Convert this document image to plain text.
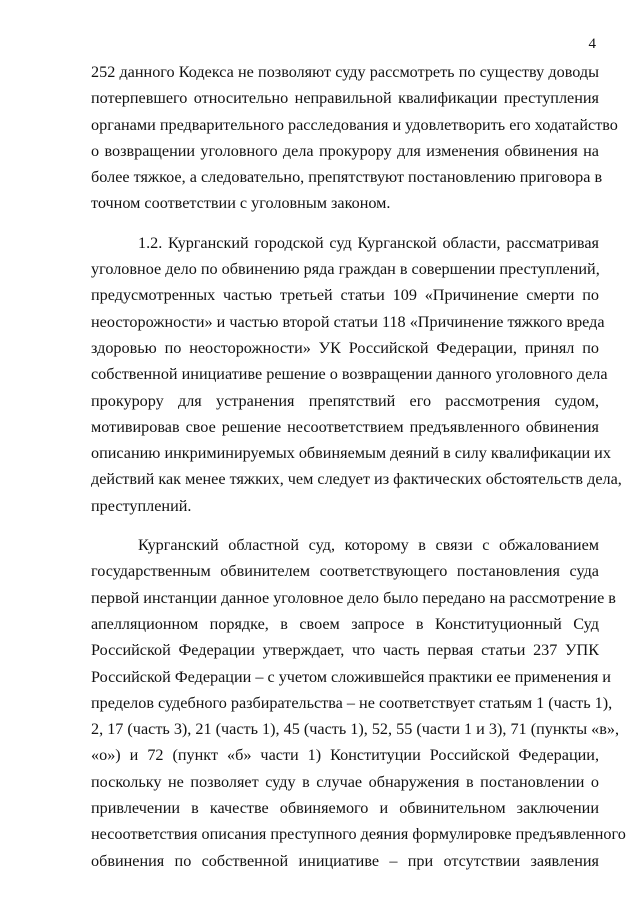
4
252 данного Кодекса не позволяют суду рассмотреть по существу доводы
потерпевшего относительно неправильной квалификации преступления
органами предварительного расследования и удовлетворить его ходатайство
о возвращении уголовного дела прокурору для изменения обвинения на
более тяжкое, а следовательно, препятствуют постановлению приговора в
точном соответствии с уголовным законом.
1.2. Курганский городской суд Курганской области, рассматривая
уголовное дело по обвинению ряда граждан в совершении преступлений,
предусмотренных частью третьей статьи 109 «Причинение смерти по
неосторожности» и частью второй статьи 118 «Причинение тяжкого вреда
здоровью по неосторожности» УК Российской Федерации, принял по
собственной инициативе решение о возвращении данного уголовного дела
прокурору для устранения препятствий его рассмотрения судом,
мотивировав свое решение несоответствием предъявленного обвинения
описанию инкриминируемых обвиняемым деяний в силу квалификации их
действий как менее тяжких, чем следует из фактических обстоятельств дела,
преступлений.
Курганский областной суд, которому в связи с обжалованием
государственным обвинителем соответствующего постановления суда
первой инстанции данное уголовное дело было передано на рассмотрение в
апелляционном порядке, в своем запросе в Конституционный Суд
Российской Федерации утверждает, что часть первая статьи 237 УПК
Российской Федерации – с учетом сложившейся практики ее применения и
пределов судебного разбирательства – не соответствует статьям 1 (часть 1),
2, 17 (часть 3), 21 (часть 1), 45 (часть 1), 52, 55 (части 1 и 3), 71 (пункты «в»,
«о») и 72 (пункт «б» части 1) Конституции Российской Федерации,
поскольку не позволяет суду в случае обнаружения в постановлении о
привлечении в качестве обвиняемого и обвинительном заключении
несоответствия описания преступного деяния формулировке предъявленного
обвинения по собственной инициативе – при отсутствии заявления
